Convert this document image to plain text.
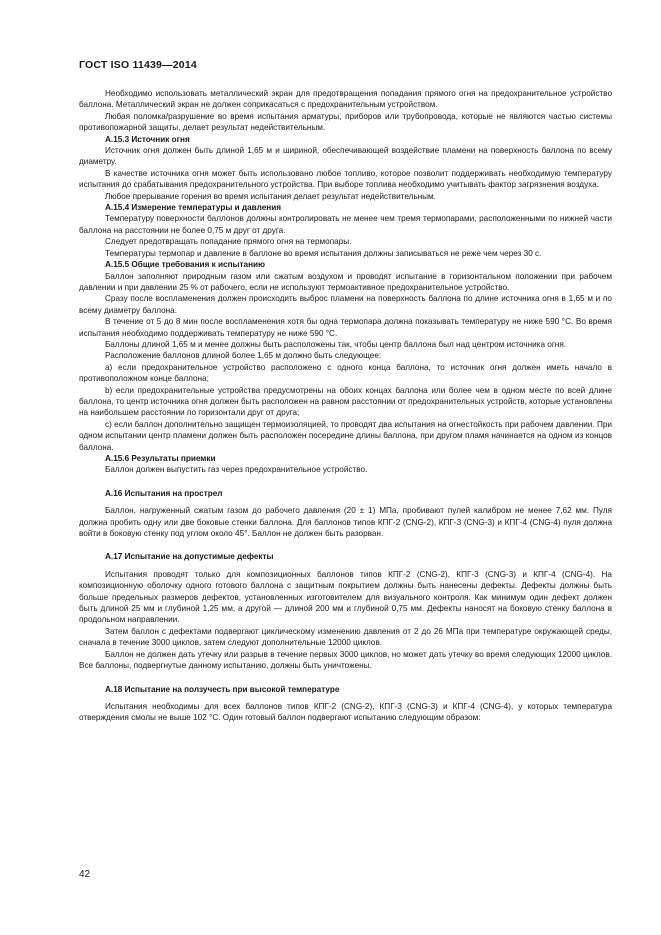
ГОСТ ISO 11439—2014

Необходимо использовать металлический экран для предотвращения попадания прямого огня на предохранительное устройство баллона. Металлический экран не должен соприкасаться с предохранительным устройством.

Любая поломка/разрушение во время испытания арматуры, приборов или трубопровода, которые не являются частью системы противопожарной защиты, делает результат недействительным.

А.15.3 Источник огня

Источник огня должен быть длиной 1,65 м и шириной, обеспечивающей воздействие пламени на поверхность баллона по всему диаметру.

В качестве источника огня может быть использовано любое топливо, которое позволит поддерживать необходимую температуру испытания до срабатывания предохранительного устройства. При выборе топлива необходимо учитывать фактор загрязнения воздуха.

Любое прерывание горения во время испытания делает результат недействительным.

А.15.4 Измерение температуры и давления

Температуру поверхности баллонов должны контролировать не менее чем тремя термопарами, расположенными по нижней части баллона на расстоянии не более 0,75 м друг от друга.

Следует предотвращать попадание прямого огня на термопары.

Температуры термопар и давление в баллоне во время испытания должны записываться не реже чем через 30 с.

А.15.5 Общие требования к испытанию

Баллон заполняют природным газом или сжатым воздухом и проводят испытание в горизонтальном положении при рабочем давлении и при давлении 25 % от рабочего, если не используют термоактивное предохранительное устройство.

Сразу после воспламенения должен происходить выброс пламени на поверхность баллона по длине источника огня в 1,65 м и по всему диаметру баллона.

В течение от 5 до 8 мин после воспламенения хотя бы одна термопара должна показывать температуру не ниже 590 °С. Во время испытания необходимо поддерживать температуру не ниже 590 °С.

Баллоны длиной 1,65 м и менее должны быть расположены так, чтобы центр баллона был над центром источника огня.

Расположение баллонов длиной более 1,65 м должно быть следующее:

а) если предохранительное устройство расположено с одного конца баллона, то источник огня должен иметь начало в противоположном конце баллона;

b) если предохранительные устройства предусмотрены на обоих концах баллона или более чем в одном месте по всей длине баллона, то центр источника огня должен быть расположен на равном расстоянии от предохранительных устройств, которые установлены на наибольшем расстоянии по горизонтали друг от друга;

с) если баллон дополнительно защищен термоизоляцией, то проводят два испытания на огнестойкость при рабочем давлении. При одном испытании центр пламени должен быть расположен посередине длины баллона, при другом пламя начинается на одном из концов баллона.

А.15.6 Результаты приемки

Баллон должен выпустить газ через предохранительное устройство.

А.16 Испытания на прострел

Баллон, нагруженный сжатым газом до рабочего давления (20 ± 1) МПа, пробивают пулей калибром не менее 7,62 мм. Пуля должна пробить одну или две боковые стенки баллона. Для баллонов типов КПГ-2 (CNG-2), КПГ-3 (CNG-3) и КПГ-4 (CNG-4) пуля должна войти в боковую стенку под углом около 45°. Баллон не должен быть разорван.

А.17 Испытание на допустимые дефекты

Испытания проводят только для композиционных баллонов типов КПГ-2 (CNG-2), КПГ-3 (CNG-3) и КПГ-4 (CNG-4). На композиционную оболочку одного готового баллона с защитным покрытием должны быть нанесены дефекты. Дефекты должны быть больше предельных размеров дефектов, установленных изготовителем для визуального контроля. Как минимум один дефект должен быть длиной 25 мм и глубиной 1,25 мм, а другой — длиной 200 мм и глубиной 0,75 мм. Дефекты наносят на боковую стенку баллона в продольном направлении.

Затем баллон с дефектами подвергают циклическому изменению давления от 2 до 26 МПа при температуре окружающей среды, сначала в течение 3000 циклов, затем следуют дополнительные 12000 циклов.

Баллон не должен дать утечку или разрыв в течение первых 3000 циклов, но может дать утечку во время следующих 12000 циклов. Все баллоны, подвергнутые данному испытанию, должны быть уничтожены.

А.18 Испытание на ползучесть при высокой температуре

Испытания необходимы для всех баллонов типов КПГ-2 (CNG-2), КПГ-3 (CNG-3) и КПГ-4 (CNG-4), у которых температура отверждения смолы не выше 102 °С. Один готовый баллон подвергают испытанию следующим образом:

42
